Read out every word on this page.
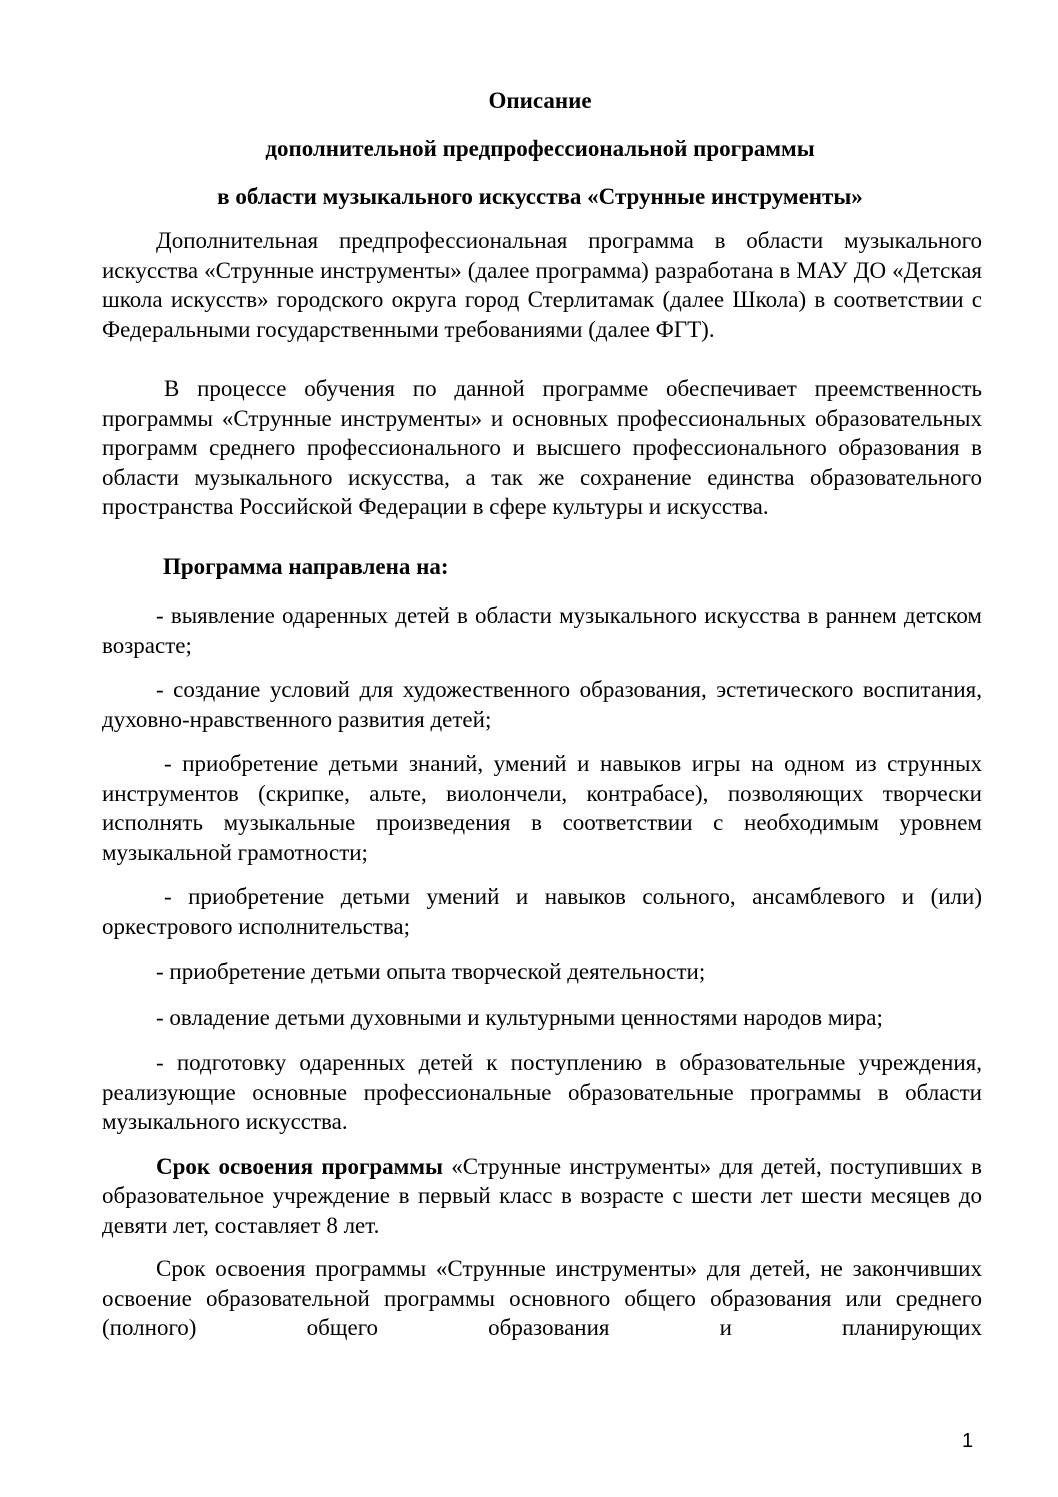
Описание
дополнительной предпрофессиональной программы
в области музыкального искусства «Струнные инструменты»

Дополнительная предпрофессиональная программа в области музыкального искусства «Струнные инструменты» (далее программа) разработана в МАУ ДО «Детская школа искусств» городского округа город Стерлитамак (далее Школа) в соответствии с Федеральными государственными требованиями (далее ФГТ).

В процессе обучения по данной программе обеспечивает преемственность программы «Струнные инструменты» и основных профессиональных образовательных программ среднего профессионального и высшего профессионального образования в области музыкального искусства, а так же сохранение единства образовательного пространства Российской Федерации в сфере культуры и искусства.

Программа направлена на:

- выявление одаренных детей в области музыкального искусства в раннем детском возрасте;

- создание условий для художественного образования, эстетического воспитания, духовно-нравственного развития детей;

- приобретение детьми знаний, умений и навыков игры на одном из струнных инструментов (скрипке, альте, виолончели, контрабасе), позволяющих творчески исполнять музыкальные произведения в соответствии с необходимым уровнем музыкальной грамотности;

- приобретение детьми умений и навыков сольного, ансамблевого и (или) оркестрового исполнительства;

- приобретение детьми опыта творческой деятельности;

- овладение детьми духовными и культурными ценностями народов мира;

- подготовку одаренных детей к поступлению в образовательные учреждения, реализующие основные профессиональные образовательные программы в области музыкального искусства.

Срок освоения программы «Струнные инструменты» для детей, поступивших в образовательное учреждение в первый класс в возрасте с шести лет шести месяцев до девяти лет, составляет 8 лет.

Срок освоения программы «Струнные инструменты» для детей, не закончивших освоение образовательной программы основного общего образования или среднего (полного) общего образования и планирующих

1
